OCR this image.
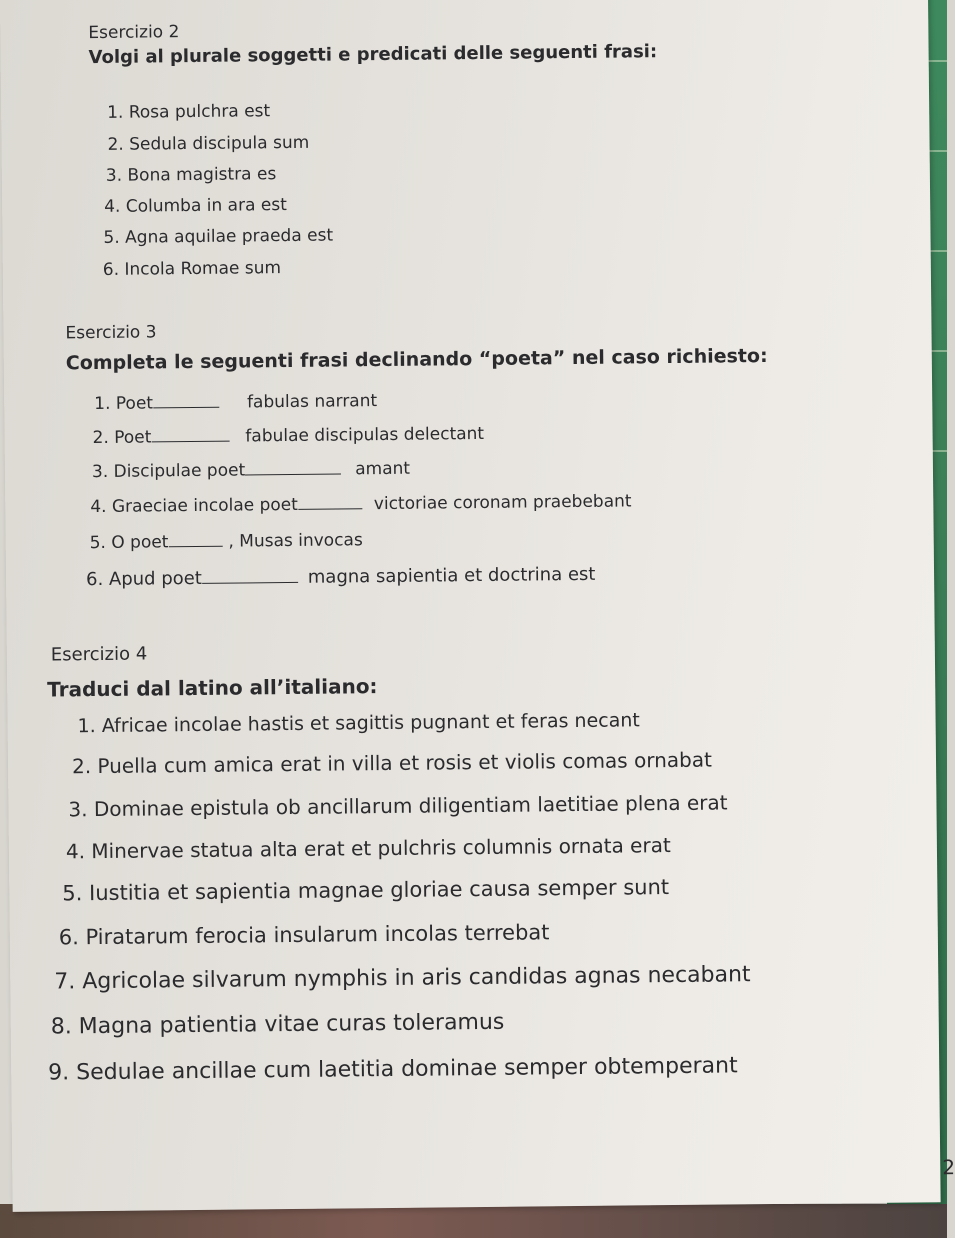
Esercizio 2
Volgi al plurale soggetti e predicati delle seguenti frasi:
1. Rosa pulchra est
2. Sedula discipula sum
3. Bona magistra es
4. Columba in ara est
5. Agna aquilae praeda est
6. Incola Romae sum
Esercizio 3
Completa le seguenti frasi declinando “poeta” nel caso richiesto:
1. Poet	fabulas narrant
2. Poet	fabulae discipulas delectant
3. Discipulae poet	amant
4. Graeciae incolae poet	victoriae coronam praebebant
5. O poet	, Musas invocas
6. Apud poet	magna sapientia et doctrina est
Esercizio 4
Traduci dal latino all’italiano:
1. Africae incolae hastis et sagittis pugnant et feras necant
2. Puella cum amica erat in villa et rosis et violis comas ornabat
3. Dominae epistula ob ancillarum diligentiam laetitiae plena erat
4. Minervae statua alta erat et pulchris columnis ornata erat
5. Iustitia et sapientia magnae gloriae causa semper sunt
6. Piratarum ferocia insularum incolas terrebat
7. Agricolae silvarum nymphis in aris candidas agnas necabant
8. Magna patientia vitae curas toleramus
9. Sedulae ancillae cum laetitia dominae semper obtemperant
2
